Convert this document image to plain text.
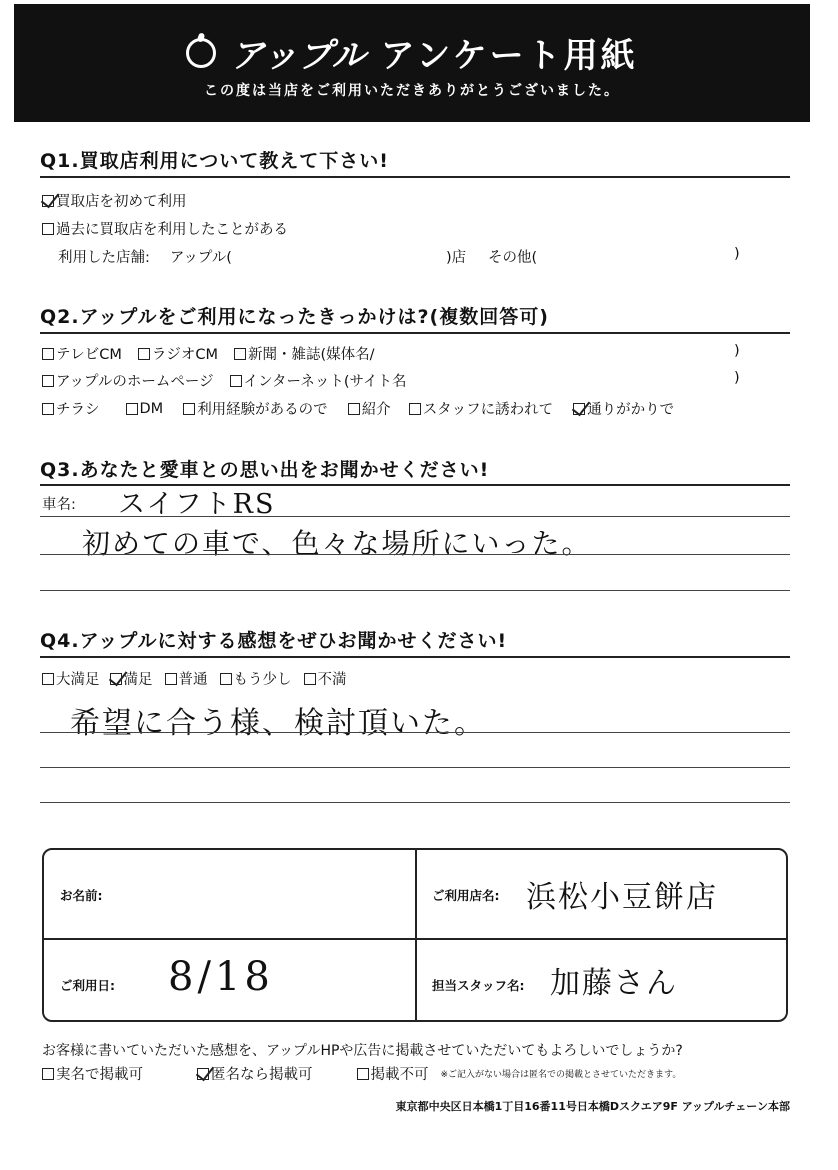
アップル アンケート用紙
この度は当店をご利用いただきありがとうございました。
Q1.買取店利用について教えて下さい!
買取店を初めて利用
過去に買取店を利用したことがある
利用した店舗: アップル(	)店 その他(	)
Q2.アップルをご利用になったきっかけは?(複数回答可)
テレビCM ラジオCM 新聞・雑誌(媒体名/	)
アップルのホームページ インターネット(サイト名	)
チラシ	DM 利用経験があるので 紹介 スタッフに誘われて 通りがかりで
Q3.あなたと愛車との思い出をお聞かせください!
車名: スイフトRS
初めての車で、色々な場所にいった。
Q4.アップルに対する感想をぜひお聞かせください!
大満足 満足 普通 もう少し 不満
希望に合う様、検討頂いた。
お名前:	ご利用店名: 浜松小豆餅店
ご利用日: 8/18	担当スタッフ名: 加藤さん
お客様に書いていただいた感想を、アップルHPや広告に掲載させていただいてもよろしいでしょうか?
実名で掲載可	匿名なら掲載可	掲載不可 ※ご記入がない場合は匿名での掲載とさせていただきます。
東京都中央区日本橋1丁目16番11号日本橋Dスクエア9F アップルチェーン本部
